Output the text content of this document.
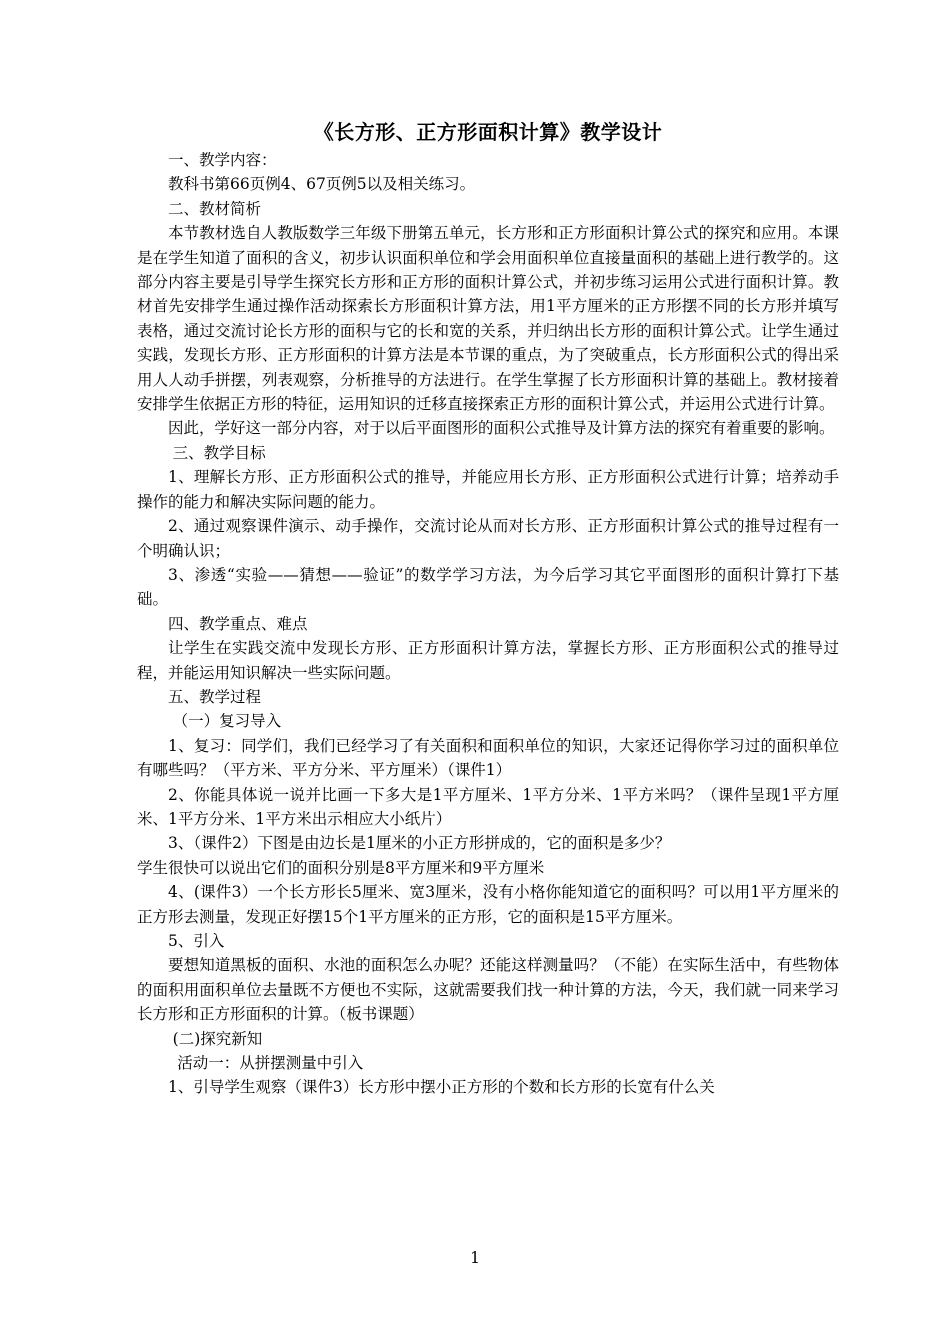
《长方形、正方形面积计算》教学设计

一、教学内容：

教科书第66页例4、67页例5以及相关练习。

二、教材简析

本节教材选自人教版数学三年级下册第五单元，长方形和正方形面积计算公式的探究和应用。本课是在学生知道了面积的含义，初步认识面积单位和学会用面积单位直接量面积的基础上进行教学的。这部分内容主要是引导学生探究长方形和正方形的面积计算公式，并初步练习运用公式进行面积计算。教材首先安排学生通过操作活动探索长方形面积计算方法，用1平方厘米的正方形摆不同的长方形并填写表格，通过交流讨论长方形的面积与它的长和宽的关系，并归纳出长方形的面积计算公式。让学生通过实践，发现长方形、正方形面积的计算方法是本节课的重点，为了突破重点，长方形面积公式的得出采用人人动手拼摆，列表观察，分析推导的方法进行。在学生掌握了长方形面积计算的基础上。教材接着安排学生依据正方形的特征，运用知识的迁移直接探索正方形的面积计算公式，并运用公式进行计算。

因此，学好这一部分内容，对于以后平面图形的面积公式推导及计算方法的探究有着重要的影响。

三、教学目标

1、理解长方形、正方形面积公式的推导，并能应用长方形、正方形面积公式进行计算；培养动手操作的能力和解决实际问题的能力。

2、通过观察课件演示、动手操作，交流讨论从而对长方形、正方形面积计算公式的推导过程有一个明确认识；

3、渗透“实验——猜想——验证”的数学学习方法，为今后学习其它平面图形的面积计算打下基础。

四、教学重点、难点

让学生在实践交流中发现长方形、正方形面积计算方法，掌握长方形、正方形面积公式的推导过程，并能运用知识解决一些实际问题。

五、教学过程

（一）复习导入

1、复习：同学们，我们已经学习了有关面积和面积单位的知识，大家还记得你学习过的面积单位有哪些吗？（平方米、平方分米、平方厘米）（课件1）

2、你能具体说一说并比画一下多大是1平方厘米、1平方分米、1平方米吗？（课件呈现1平方厘米、1平方分米、1平方米出示相应大小纸片）

3、（课件2）下图是由边长是1厘米的小正方形拼成的，它的面积是多少？

学生很快可以说出它们的面积分别是8平方厘米和9平方厘米

4、(课件3）一个长方形长5厘米、宽3厘米，没有小格你能知道它的面积吗？可以用1平方厘米的正方形去测量，发现正好摆15个1平方厘米的正方形，它的面积是15平方厘米。

5、引入

要想知道黑板的面积、水池的面积怎么办呢？还能这样测量吗？（不能）在实际生活中，有些物体的面积用面积单位去量既不方便也不实际，这就需要我们找一种计算的方法，今天，我们就一同来学习长方形和正方形面积的计算。（板书课题）

(二)探究新知

活动一：从拼摆测量中引入

1、引导学生观察（课件3）长方形中摆小正方形的个数和长方形的长宽有什么关

1
